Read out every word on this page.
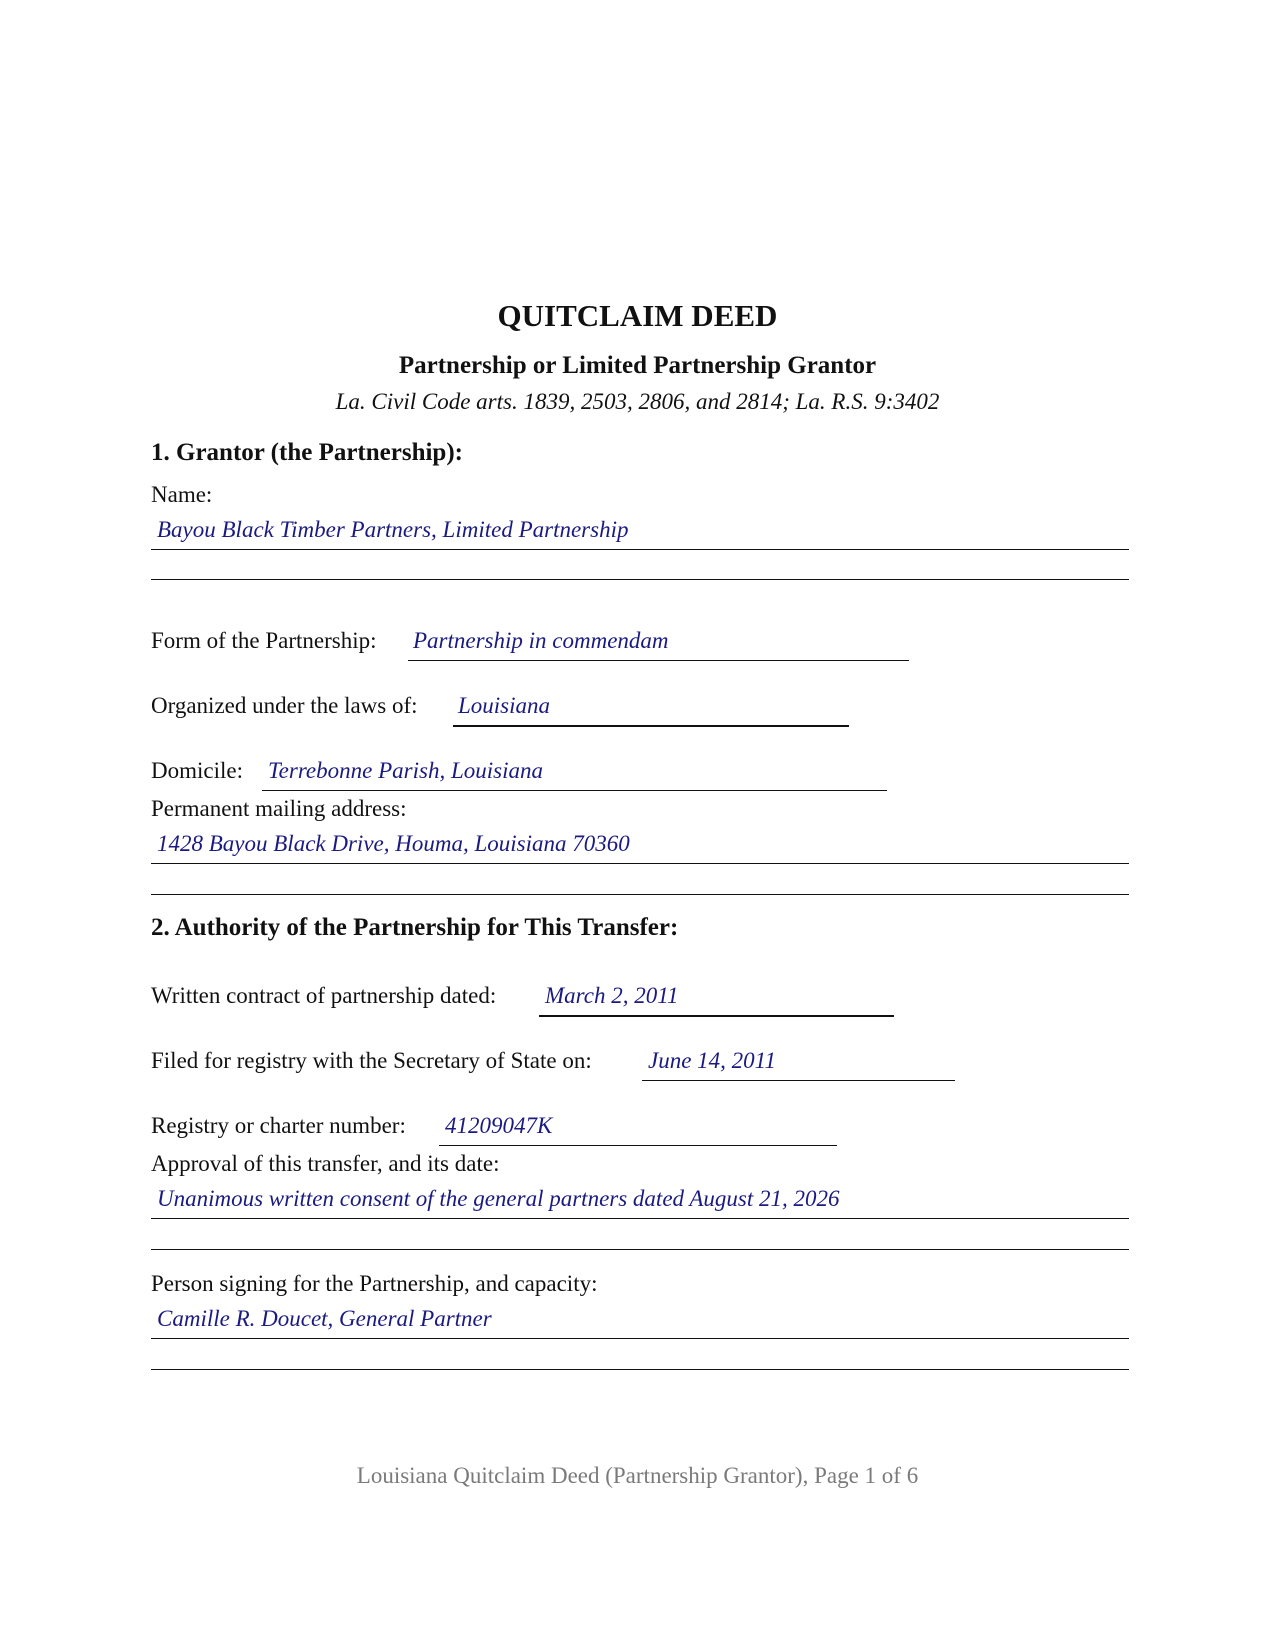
QUITCLAIM DEED
Partnership or Limited Partnership Grantor
La. Civil Code arts. 1839, 2503, 2806, and 2814; La. R.S. 9:3402
1. Grantor (the Partnership):
Name:
Bayou Black Timber Partners, Limited Partnership
Form of the Partnership: Partnership in commendam
Organized under the laws of: Louisiana
Domicile: Terrebonne Parish, Louisiana
Permanent mailing address:
1428 Bayou Black Drive, Houma, Louisiana 70360
2. Authority of the Partnership for This Transfer:
Written contract of partnership dated: March 2, 2011
Filed for registry with the Secretary of State on: June 14, 2011
Registry or charter number: 41209047K
Approval of this transfer, and its date:
Unanimous written consent of the general partners dated August 21, 2026
Person signing for the Partnership, and capacity:
Camille R. Doucet, General Partner
Louisiana Quitclaim Deed (Partnership Grantor), Page 1 of 6
